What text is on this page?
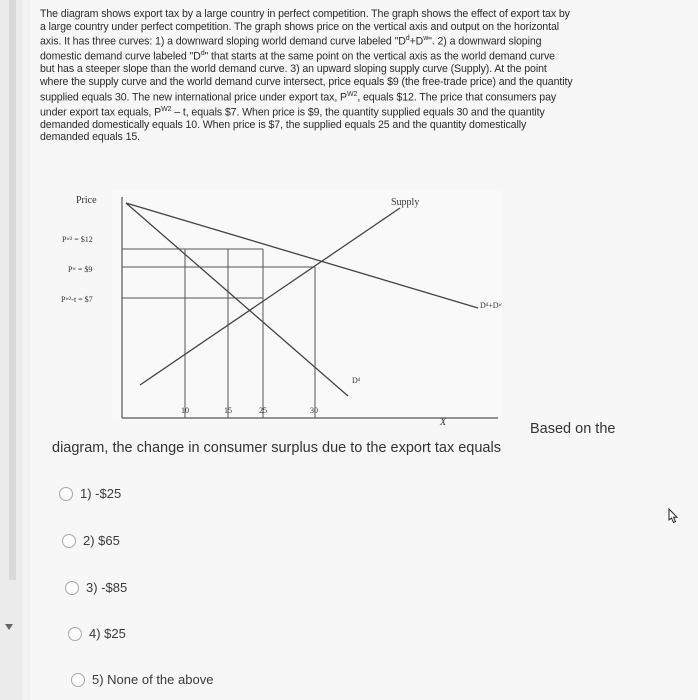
The diagram shows export tax by a large country in perfect competition. The graph shows the effect of export tax by
a large country under perfect competition. The graph shows price on the vertical axis and output on the horizontal
axis. It has three curves: 1) a downward sloping world demand curve labeled "$D^d+D^w$". 2) a downward sloping
domestic demand curve labeled "$D^d$" that starts at the same point on the vertical axis as the world demand curve
but has a steeper slope than the world demand curve. 3) an upward sloping supply curve (Supply). At the point
where the supply curve and the world demand curve intersect, price equals $9 (the free-trade price) and the quantity
supplied equals 30. The new international price under export tax, $P^{W2}$, equals $12. The price that consumers pay
under export tax equals, $P^{W2}$ – t, equals $7. When price is $9, the quantity supplied equals 30 and the quantity
demanded domestically equals 10. When price is $7, the supplied equals 25 and the quantity domestically
demanded equals 15.
Price	Supply
Dᵈ+Dʷ
Dᵈ
Pʷ² = $12
Pʷ = $9
Pʷ²-t = $7
10	15	25	30
X	Based on the
diagram, the change in consumer surplus due to the export tax equals
1) -$25
2) $65
3) -$85
4) $25
5) None of the above
